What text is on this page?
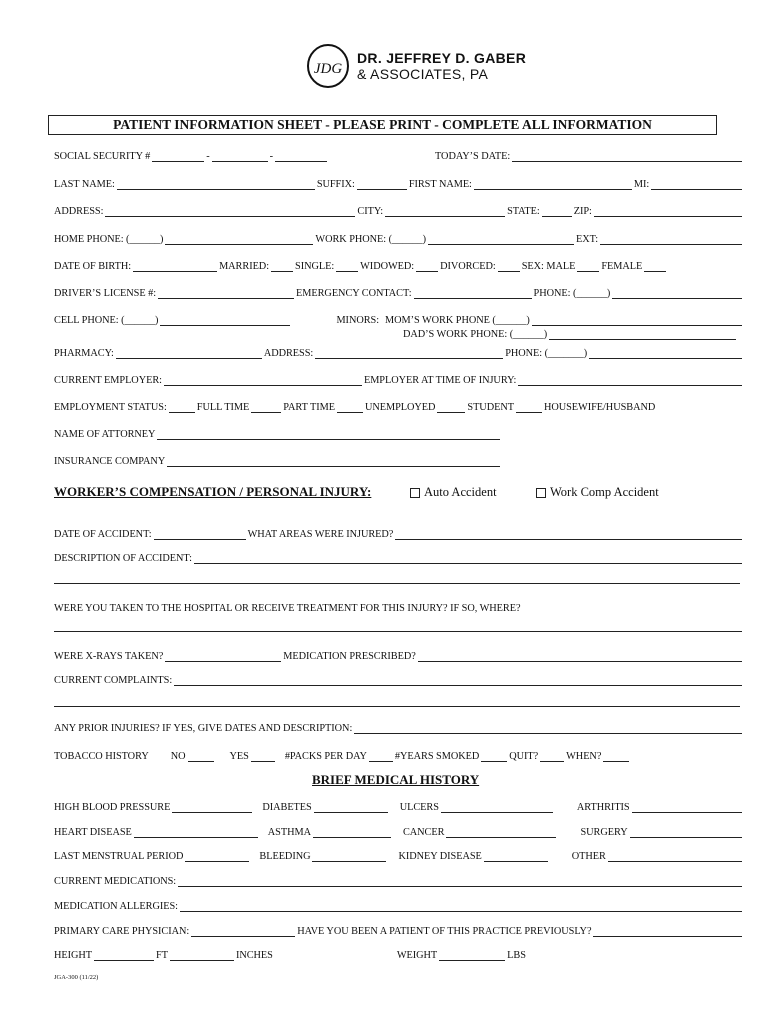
JDG
DR. JEFFREY D. GABER
& ASSOCIATES, PA
PATIENT INFORMATION SHEET - PLEASE PRINT - COMPLETE ALL INFORMATION
SOCIAL SECURITY #	-	-	TODAY’S DATE:
LAST NAME:	SUFFIX:	FIRST NAME:	MI:
ADDRESS:	CITY:	STATE:	ZIP:
HOME PHONE: (______)	WORK PHONE: (______)	EXT:
DATE OF BIRTH:	MARRIED:	SINGLE:	WIDOWED:	DIVORCED:	SEX: MALE	FEMALE
DRIVER’S LICENSE #:	EMERGENCY CONTACT:	PHONE: (______)
CELL PHONE: (______)	MINORS: MOM’S WORK PHONE (______)
DAD’S WORK PHONE: (______)
PHARMACY:	ADDRESS:	PHONE: (_______)
CURRENT EMPLOYER:	EMPLOYER AT TIME OF INJURY:
EMPLOYMENT STATUS:	FULL TIME	PART TIME	UNEMPLOYED	STUDENT	HOUSEWIFE/HUSBAND
NAME OF ATTORNEY
INSURANCE COMPANY
WORKER’S COMPENSATION / PERSONAL INJURY:	Auto Accident	Work Comp Accident
DATE OF ACCIDENT:	WHAT AREAS WERE INJURED?
DESCRIPTION OF ACCIDENT:
WERE YOU TAKEN TO THE HOSPITAL OR RECEIVE TREATMENT FOR THIS INJURY? IF SO, WHERE?
WERE X-RAYS TAKEN?	MEDICATION PRESCRIBED?
CURRENT COMPLAINTS:
ANY PRIOR INJURIES? IF YES, GIVE DATES AND DESCRIPTION:
TOBACCO HISTORY NO	YES	#PACKS PER DAY	#YEARS SMOKED	QUIT?	WHEN?
BRIEF MEDICAL HISTORY
HIGH BLOOD PRESSURE	DIABETES	ULCERS	ARTHRITIS
HEART DISEASE	ASTHMA	CANCER	SURGERY
LAST MENSTRUAL PERIOD	BLEEDING	KIDNEY DISEASE	OTHER
CURRENT MEDICATIONS:
MEDICATION ALLERGIES:
PRIMARY CARE PHYSICIAN:	HAVE YOU BEEN A PATIENT OF THIS PRACTICE PREVIOUSLY?
HEIGHT	FT	INCHES	WEIGHT	LBS
JGA-300 (11/22)
